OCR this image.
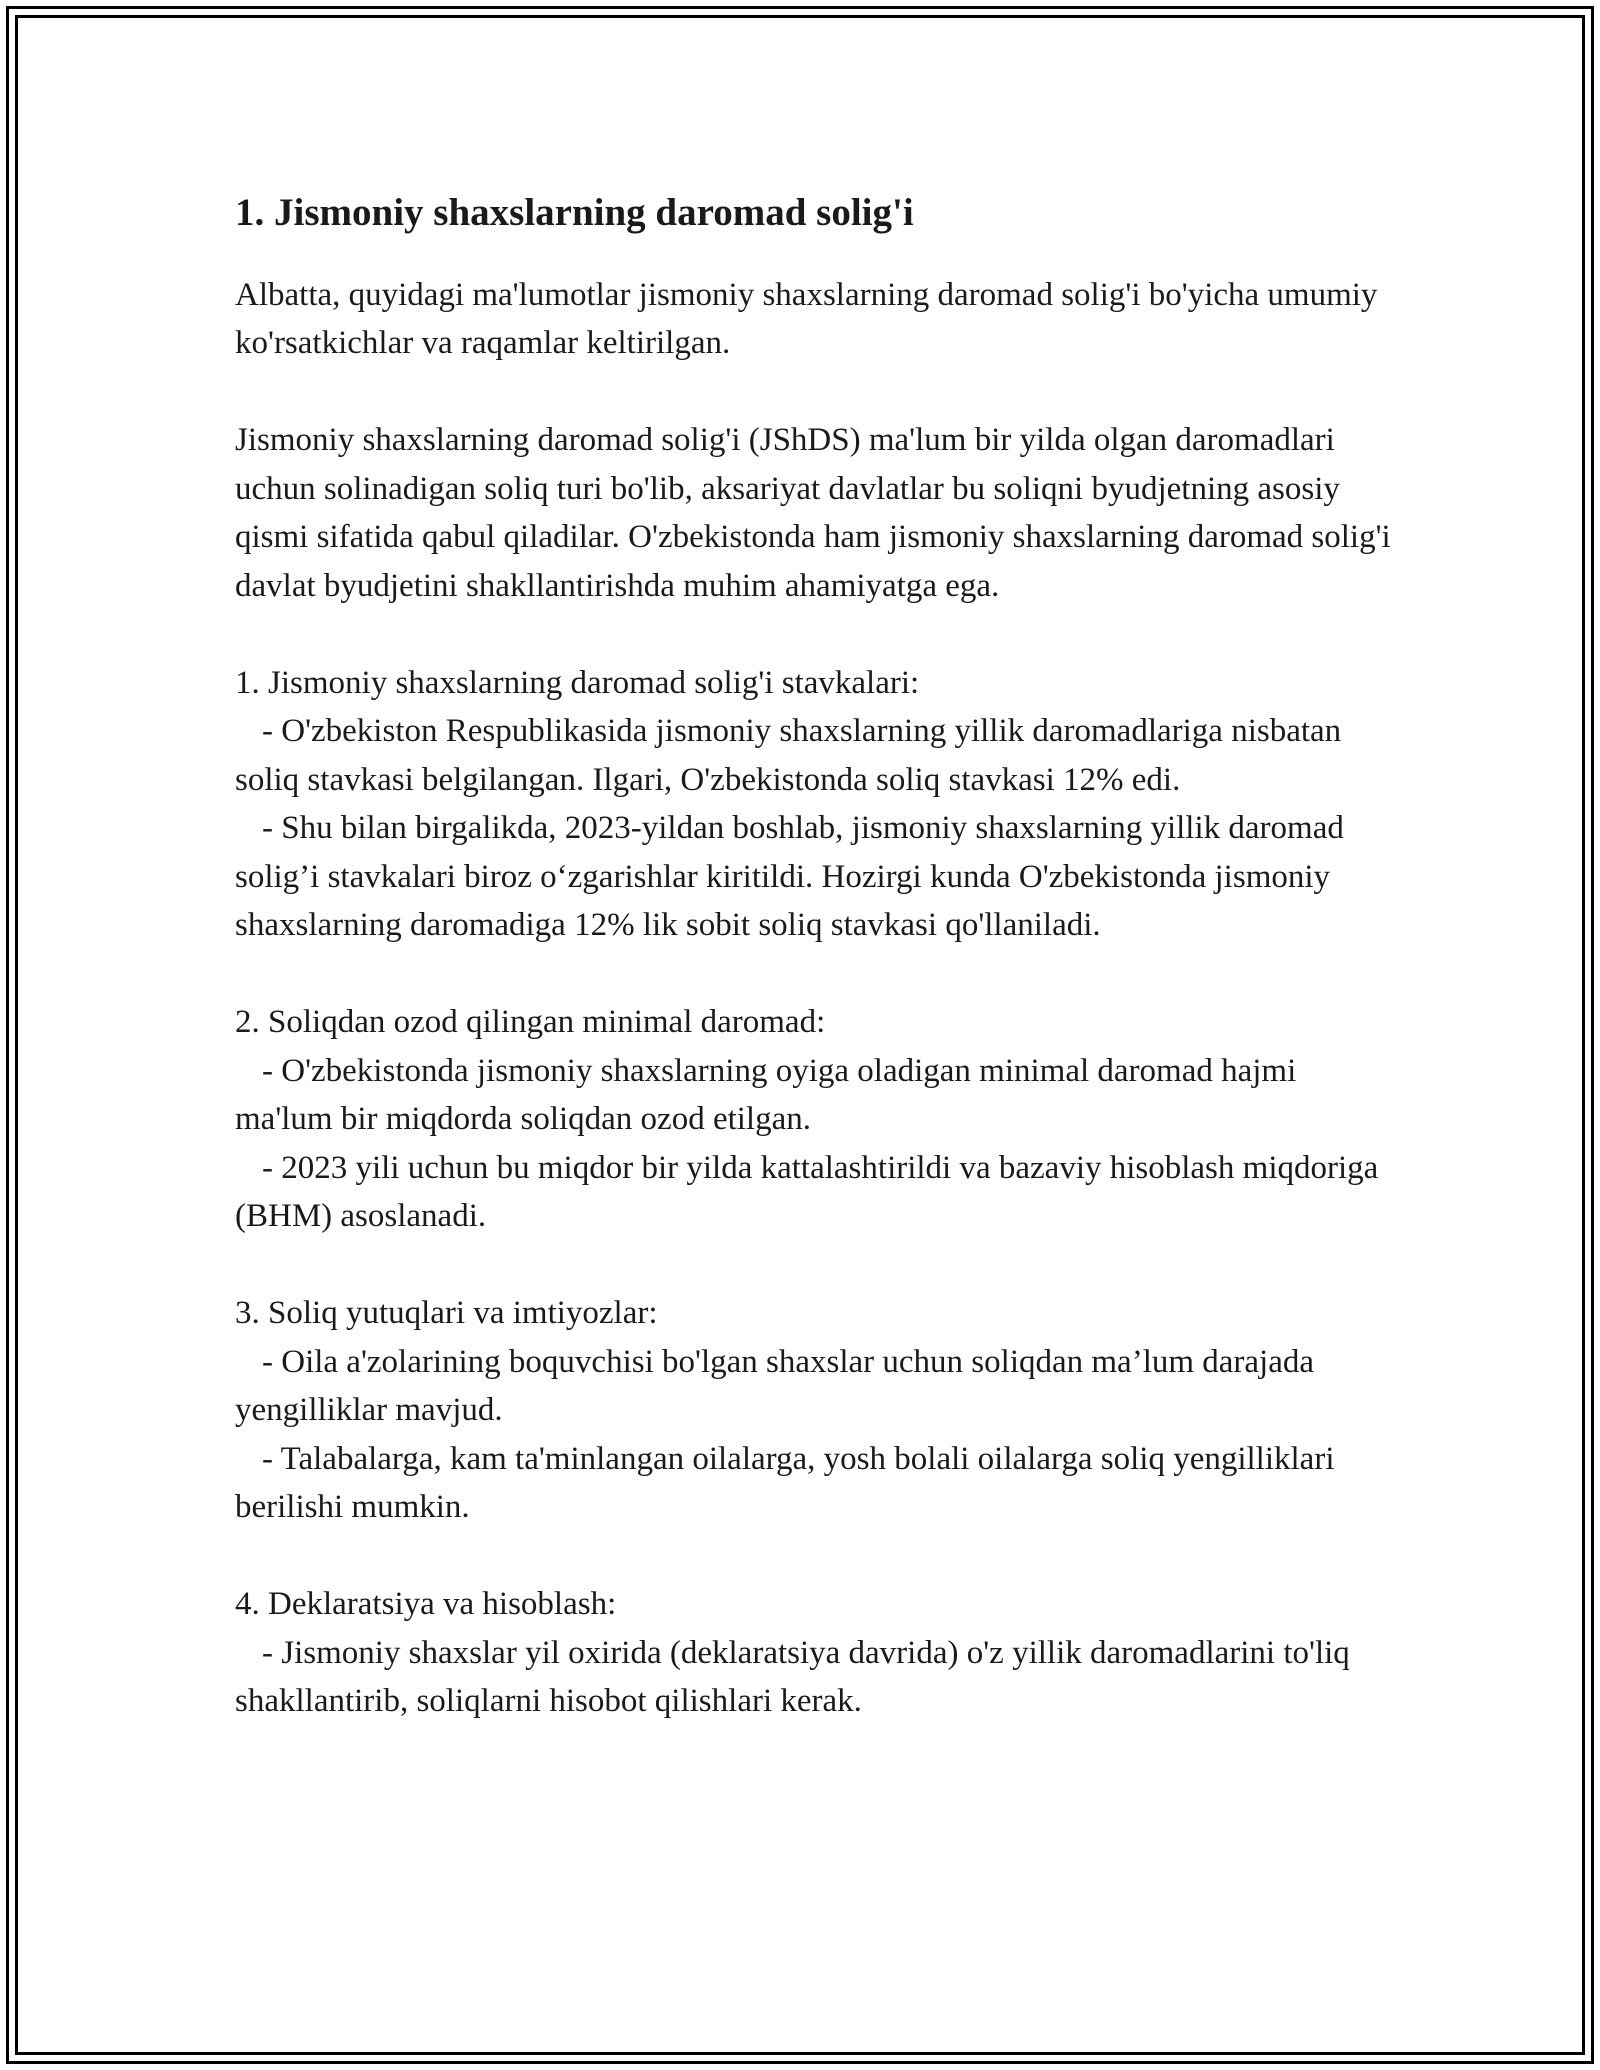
1. Jismoniy shaxslarning daromad solig'i

Albatta, quyidagi ma'lumotlar jismoniy shaxslarning daromad solig'i bo'yicha umumiy ko'rsatkichlar va raqamlar keltirilgan.

Jismoniy shaxslarning daromad solig'i (JShDS) ma'lum bir yilda olgan daromadlari uchun solinadigan soliq turi bo'lib, aksariyat davlatlar bu soliqni byudjetning asosiy qismi sifatida qabul qiladilar. O'zbekistonda ham jismoniy shaxslarning daromad solig'i davlat byudjetini shakllantirishda muhim ahamiyatga ega.

1. Jismoniy shaxslarning daromad solig'i stavkalari:
- O'zbekiston Respublikasida jismoniy shaxslarning yillik daromadlariga nisbatan soliq stavkasi belgilangan. Ilgari, O'zbekistonda soliq stavkasi 12% edi.
- Shu bilan birgalikda, 2023-yildan boshlab, jismoniy shaxslarning yillik daromad solig’i stavkalari biroz o‘zgarishlar kiritildi. Hozirgi kunda O'zbekistonda jismoniy shaxslarning daromadiga 12% lik sobit soliq stavkasi qo'llaniladi.
2. Soliqdan ozod qilingan minimal daromad:
- O'zbekistonda jismoniy shaxslarning oyiga oladigan minimal daromad hajmi ma'lum bir miqdorda soliqdan ozod etilgan.
- 2023 yili uchun bu miqdor bir yilda kattalashtirildi va bazaviy hisoblash miqdoriga (BHM) asoslanadi.
3. Soliq yutuqlari va imtiyozlar:
- Oila a'zolarining boquvchisi bo'lgan shaxslar uchun soliqdan ma’lum darajada yengilliklar mavjud.
- Talabalarga, kam ta'minlangan oilalarga, yosh bolali oilalarga soliq yengilliklari berilishi mumkin.
4. Deklaratsiya va hisoblash:
- Jismoniy shaxslar yil oxirida (deklaratsiya davrida) o'z yillik daromadlarini to'liq shakllantirib, soliqlarni hisobot qilishlari kerak.
